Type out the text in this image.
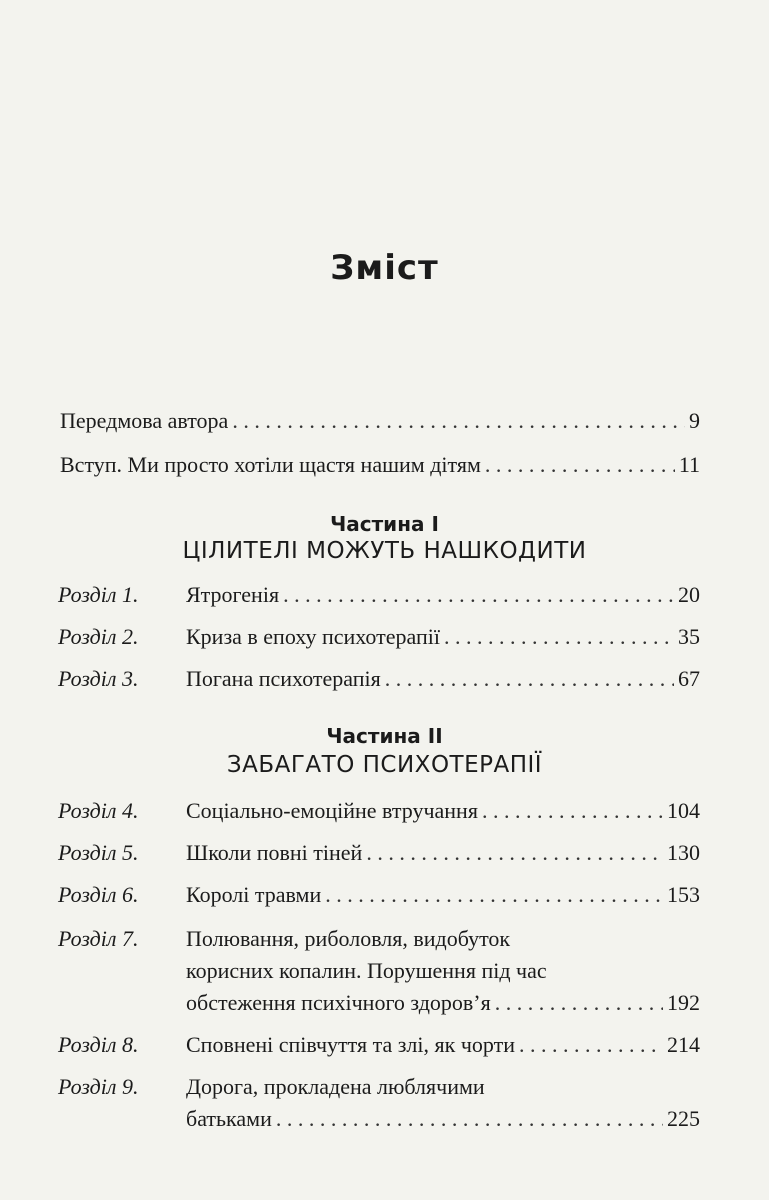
Зміст
Передмова автора . . .	9
Вступ. Ми просто хотіли щастя нашим дітям . . .	11
Частина I
ЦІЛИТЕЛІ МОЖУТЬ НАШКОДИТИ
Розділ 1. Ятрогенія . . .	20
Розділ 2. Криза в епоху психотерапії . . .	35
Розділ 3. Погана психотерапія . . .	67
Частина II
ЗАБАГАТО ПСИХОТЕРАПІЇ
Розділ 4. Соціально-емоційне втручання . . .	104
Розділ 5. Школи повні тіней . . .	130
Розділ 6. Королі травми . . .	153
Розділ 7. Полювання, риболовля, видобуток
корисних копалин. Порушення під час
обстеження психічного здоров’я . . .	192
Розділ 8. Сповнені співчуття та злі, як чорти . . .	214
Розділ 9. Дорога, прокладена люблячими
батьками . . .	225
